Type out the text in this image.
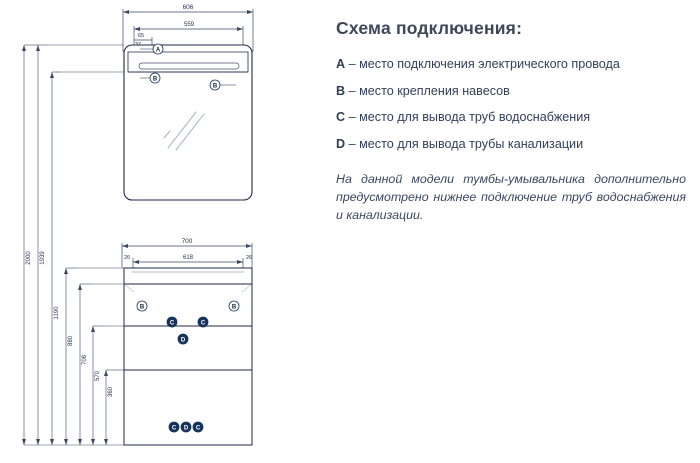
606
559
65
A
B
B
700
618
26	26
B	B
C	C
D
C D C
2000 1939
1190
880
708
570
360
Схема подключения:
A – место подключения электрического провода
B – место крепления навесов
C – место для вывода труб водоснабжения
D – место для вывода трубы канализации
На данной модели тумбы-умывальника дополнительно предусмотрено нижнее подключение труб водоснабжения и канализации.
